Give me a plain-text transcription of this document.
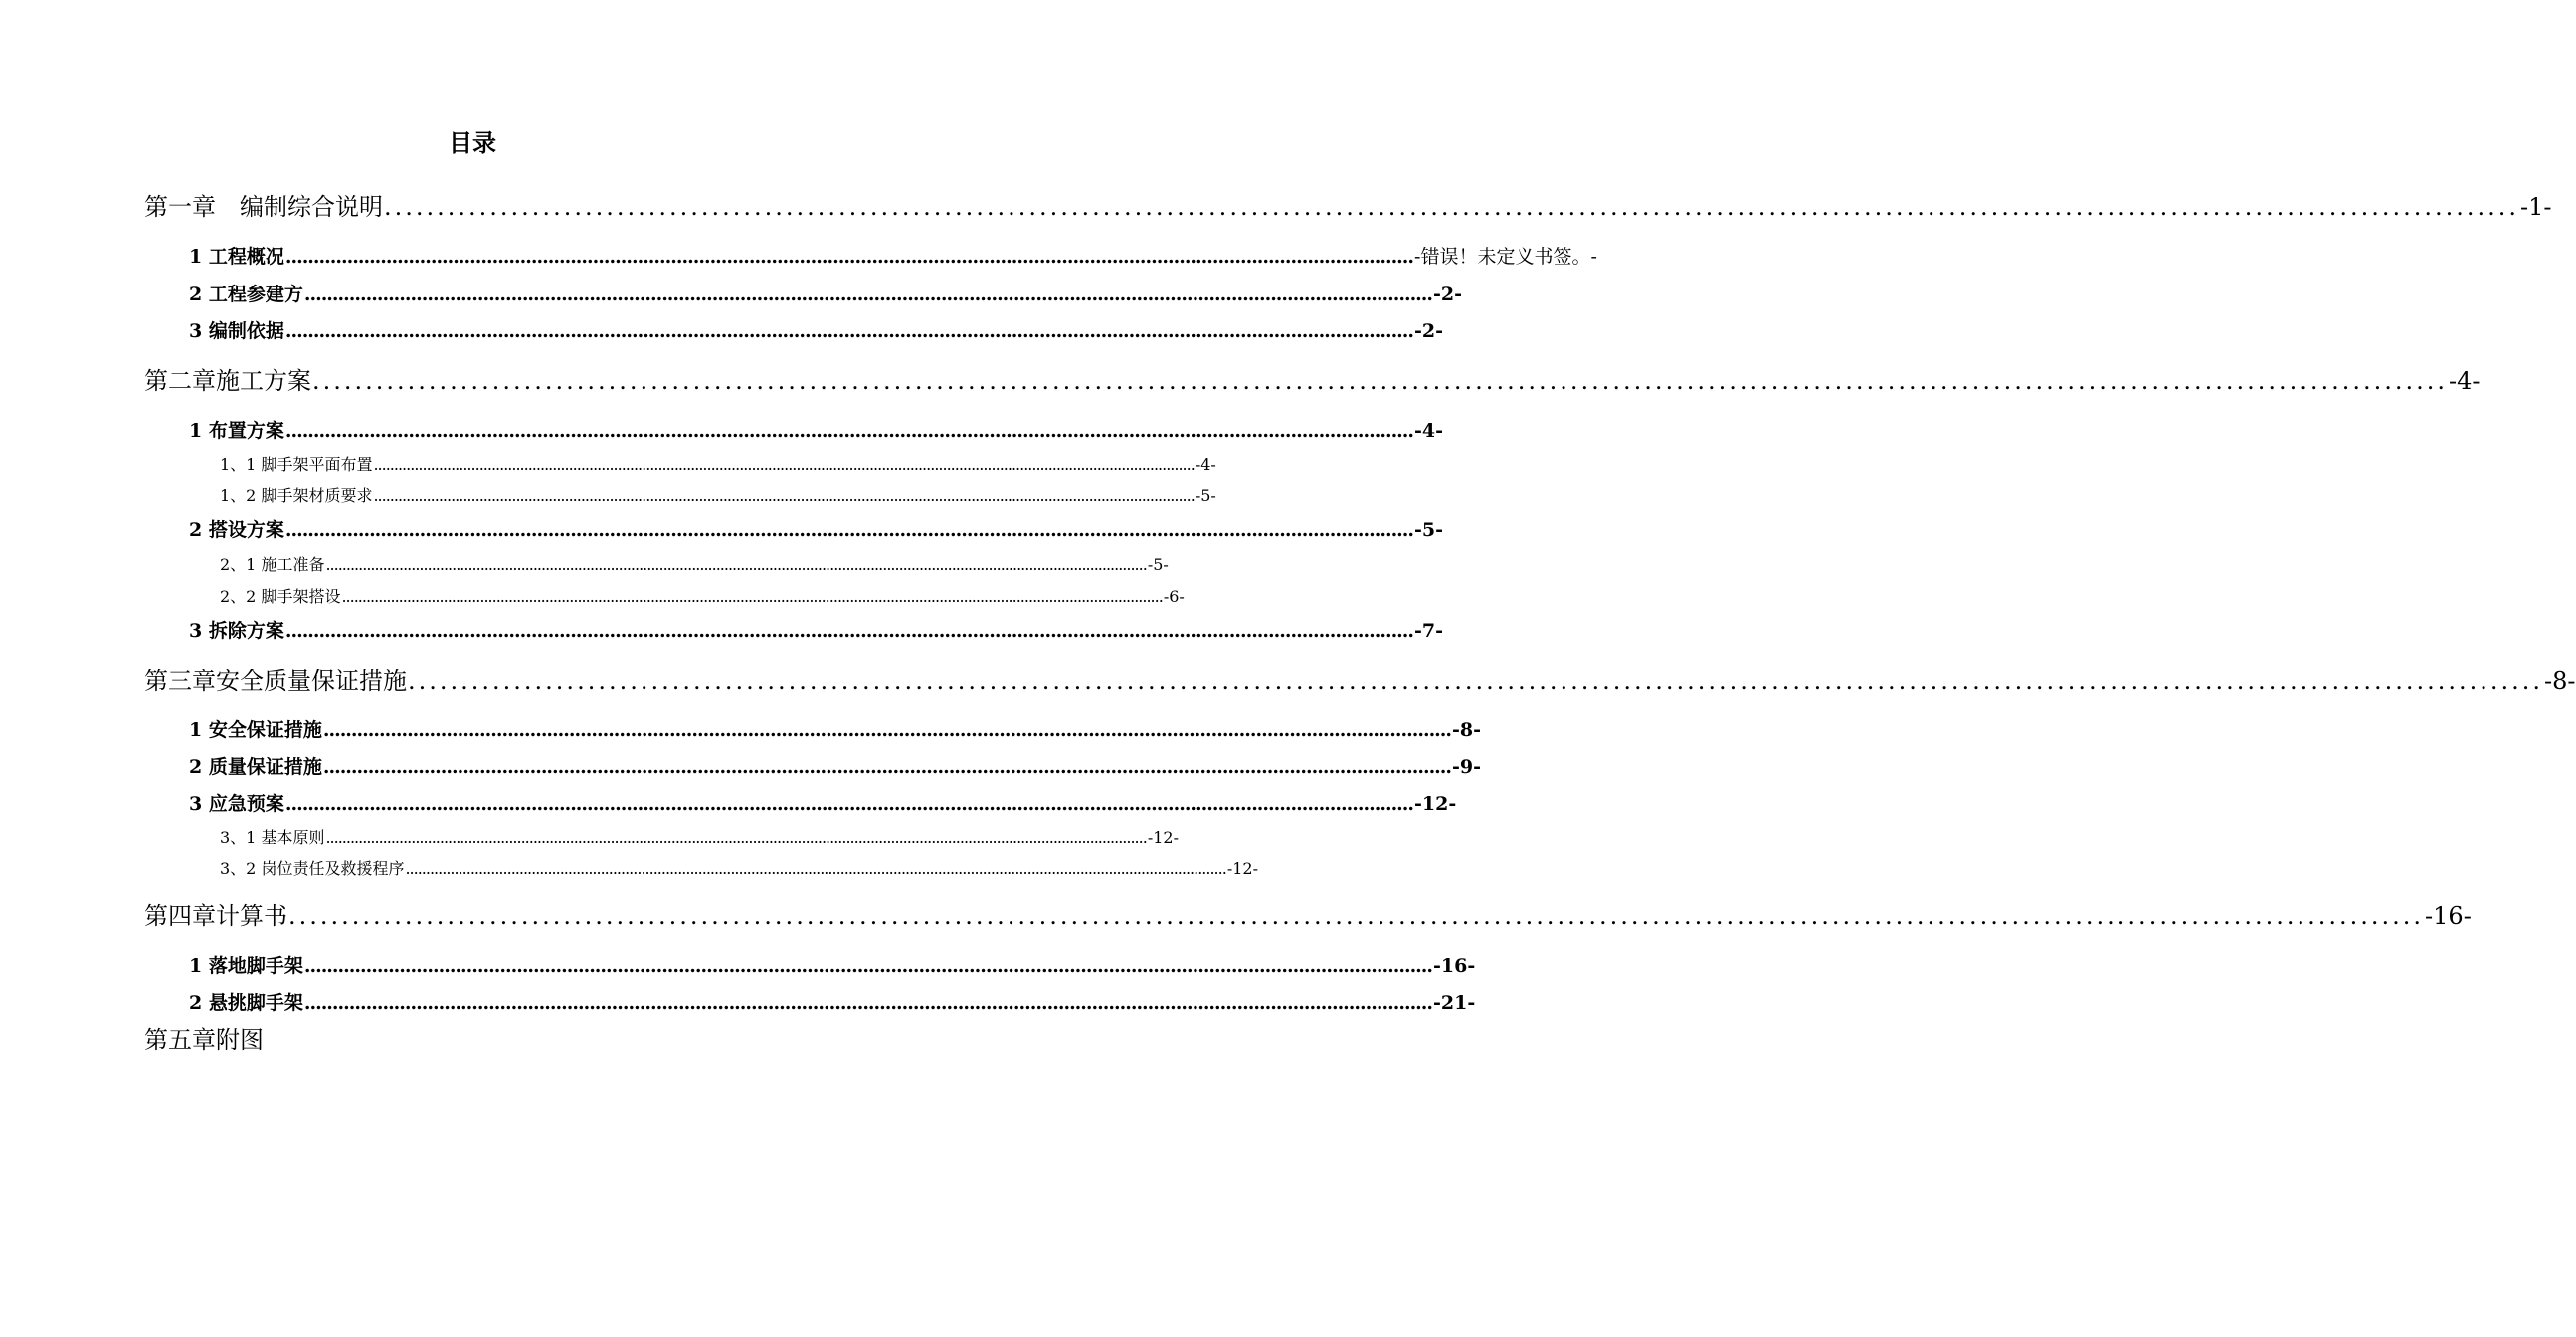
目录
第一章　编制综合说明 .......................................................................................................................................................................................................... -1-
1 工程概况 .......................................................................................................................................................................................................... -错误！未定义书签。-
2 工程参建方 .......................................................................................................................................................................................................... -2-
3 编制依据 .......................................................................................................................................................................................................... -2-
第二章施工方案 .......................................................................................................................................................................................................... -4-
1 布置方案 .......................................................................................................................................................................................................... -4-
1、1 脚手架平面布置 .......................................................................................................................................................................................................... -4-
1、2 脚手架材质要求 .......................................................................................................................................................................................................... -5-
2 搭设方案 .......................................................................................................................................................................................................... -5-
2、1 施工准备 .......................................................................................................................................................................................................... -5-
2、2 脚手架搭设 .......................................................................................................................................................................................................... -6-
3 拆除方案 .......................................................................................................................................................................................................... -7-
第三章安全质量保证措施 .......................................................................................................................................................................................................... -8-
1 安全保证措施 .......................................................................................................................................................................................................... -8-
2 质量保证措施 .......................................................................................................................................................................................................... -9-
3 应急预案 .......................................................................................................................................................................................................... -12-
3、1 基本原则 .......................................................................................................................................................................................................... -12-
3、2 岗位责任及救援程序 .......................................................................................................................................................................................................... -12-
第四章计算书 .......................................................................................................................................................................................................... -16-
1 落地脚手架 .......................................................................................................................................................................................................... -16-
2 悬挑脚手架 .......................................................................................................................................................................................................... -21-
第五章附图
